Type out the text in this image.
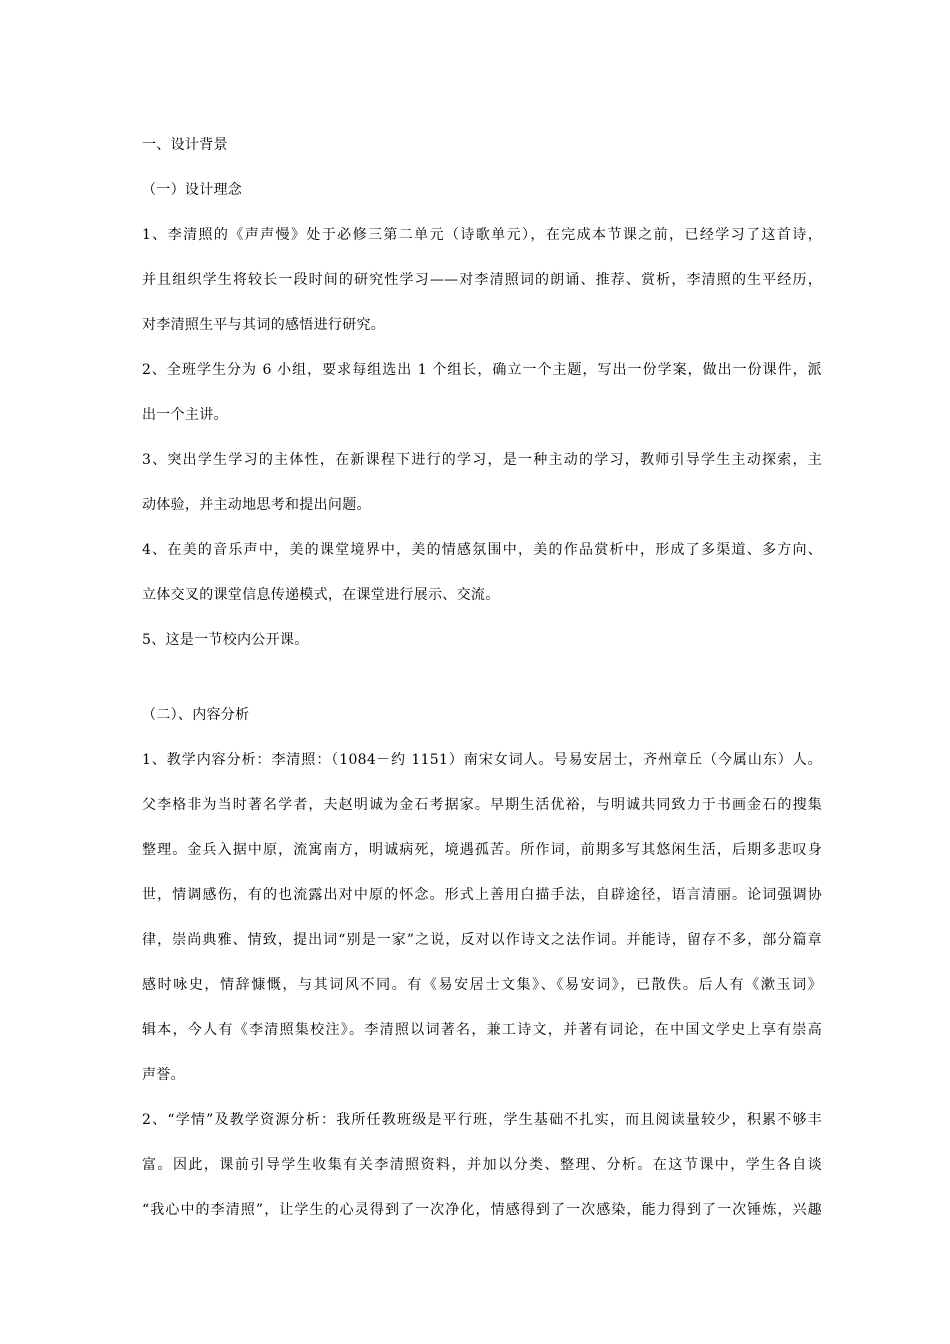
一、设计背景
（一）设计理念
1、李清照的《声声慢》处于必修三第二单元（诗歌单元），在完成本节课之前，已经学习了这首诗，
并且组织学生将较长一段时间的研究性学习——对李清照词的朗诵、推荐、赏析，李清照的生平经历，
对李清照生平与其词的感悟进行研究。
2、全班学生分为 6 小组，要求每组选出 1 个组长，确立一个主题，写出一份学案，做出一份课件，派
出一个主讲。
3、突出学生学习的主体性，在新课程下进行的学习，是一种主动的学习，教师引导学生主动探索，主
动体验，并主动地思考和提出问题。
4、在美的音乐声中，美的课堂境界中，美的情感氛围中，美的作品赏析中，形成了多渠道、多方向、
立体交叉的课堂信息传递模式，在课堂进行展示、交流。
5、这是一节校内公开课。
（二）、内容分析
1、教学内容分析：李清照：（1084－约 1151）南宋女词人。号易安居士，齐州章丘（今属山东）人。
父李格非为当时著名学者，夫赵明诚为金石考据家。早期生活优裕，与明诚共同致力于书画金石的搜集
整理。金兵入据中原，流寓南方，明诚病死，境遇孤苦。所作词，前期多写其悠闲生活，后期多悲叹身
世，情调感伤，有的也流露出对中原的怀念。形式上善用白描手法，自辟途径，语言清丽。论词强调协
律，崇尚典雅、情致，提出词“别是一家”之说，反对以作诗文之法作词。并能诗，留存不多，部分篇章
感时咏史，情辞慷慨，与其词风不同。有《易安居士文集》、《易安词》，已散佚。后人有《漱玉词》
辑本，今人有《李清照集校注》。李清照以词著名，兼工诗文，并著有词论，在中国文学史上享有崇高
声誉。
2、“学情”及教学资源分析：我所任教班级是平行班，学生基础不扎实，而且阅读量较少，积累不够丰
富。因此，课前引导学生收集有关李清照资料，并加以分类、整理、分析。在这节课中，学生各自谈
“我心中的李清照”，让学生的心灵得到了一次净化，情感得到了一次感染，能力得到了一次锤炼，兴趣
